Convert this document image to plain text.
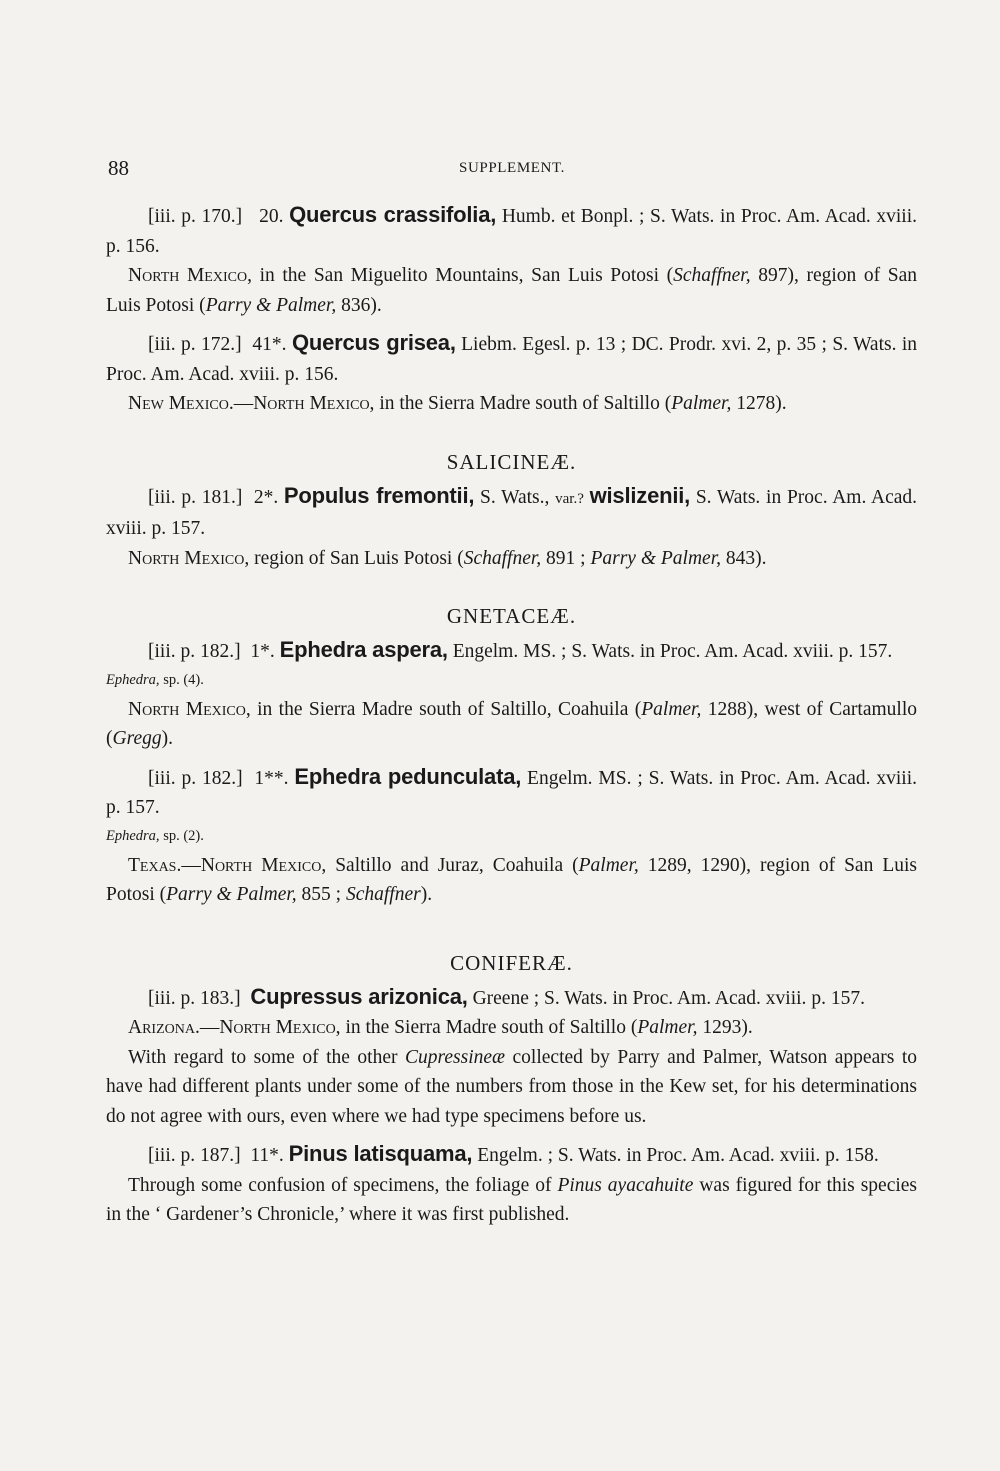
88	SUPPLEMENT.

[iii. p. 170.] 20. Quercus crassifolia, Humb. et Bonpl. ; S. Wats. in Proc. Am. Acad. xviii. p. 156.

North Mexico, in the San Miguelito Mountains, San Luis Potosi (Schaffner, 897), region of San Luis Potosi (Parry & Palmer, 836).

[iii. p. 172.] 41*. Quercus grisea, Liebm. Egesl. p. 13 ; DC. Prodr. xvi. 2, p. 35 ; S. Wats. in Proc. Am. Acad. xviii. p. 156.

New Mexico.—North Mexico, in the Sierra Madre south of Saltillo (Palmer, 1278).

SALICINEÆ.

[iii. p. 181.] 2*. Populus fremontii, S. Wats., var.? wislizenii, S. Wats. in Proc. Am. Acad. xviii. p. 157.

North Mexico, region of San Luis Potosi (Schaffner, 891 ; Parry & Palmer, 843).

GNETACEÆ.

[iii. p. 182.] 1*. Ephedra aspera, Engelm. MS. ; S. Wats. in Proc. Am. Acad. xviii. p. 157.

Ephedra, sp. (4).

North Mexico, in the Sierra Madre south of Saltillo, Coahuila (Palmer, 1288), west of Cartamullo (Gregg).

[iii. p. 182.] 1**. Ephedra pedunculata, Engelm. MS. ; S. Wats. in Proc. Am. Acad. xviii. p. 157.

Ephedra, sp. (2).

Texas.—North Mexico, Saltillo and Juraz, Coahuila (Palmer, 1289, 1290), region of San Luis Potosi (Parry & Palmer, 855 ; Schaffner).

CONIFERÆ.

[iii. p. 183.] Cupressus arizonica, Greene ; S. Wats. in Proc. Am. Acad. xviii. p. 157.

Arizona.—North Mexico, in the Sierra Madre south of Saltillo (Palmer, 1293).

With regard to some of the other Cupressineæ collected by Parry and Palmer, Watson appears to have had different plants under some of the numbers from those in the Kew set, for his determinations do not agree with ours, even where we had type specimens before us.

[iii. p. 187.] 11*. Pinus latisquama, Engelm. ; S. Wats. in Proc. Am. Acad. xviii. p. 158.

Through some confusion of specimens, the foliage of Pinus ayacahuite was figured for this species in the ‘ Gardener’s Chronicle,’ where it was first published.
